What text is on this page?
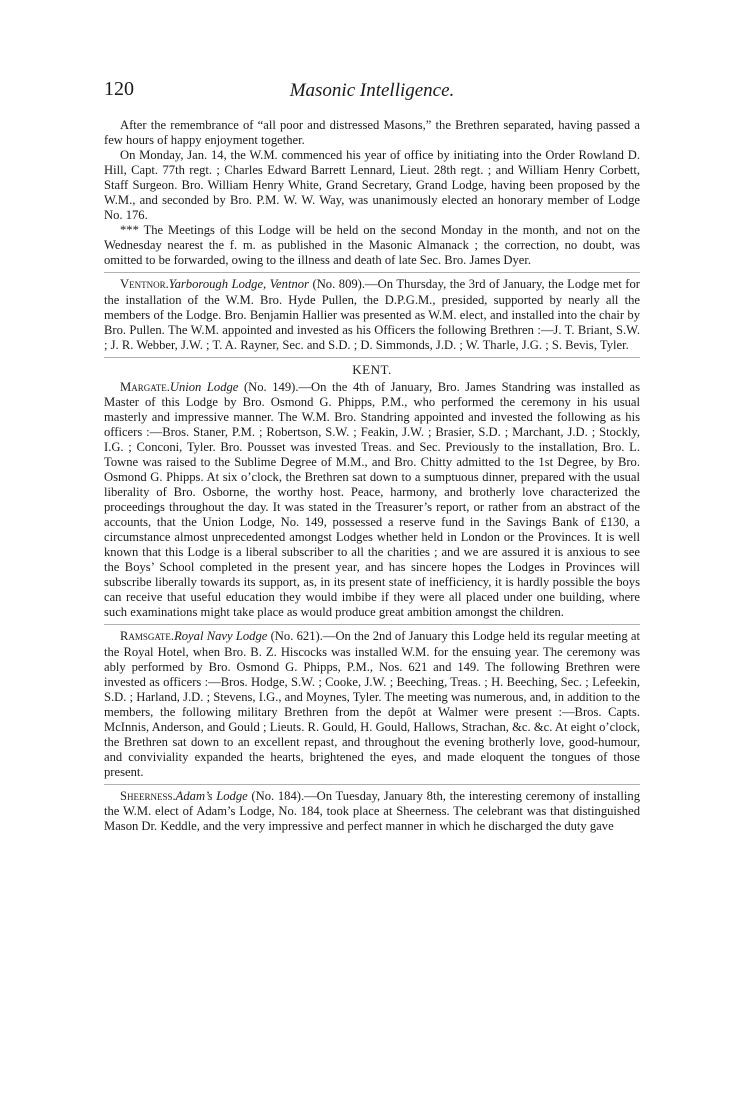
120	Masonic Intelligence.

After the remembrance of “all poor and distressed Masons,” the Brethren separated, having passed a few hours of happy enjoyment together.

On Monday, Jan. 14, the W.M. commenced his year of office by initiating into the Order Rowland D. Hill, Capt. 77th regt. ; Charles Edward Barrett Lennard, Lieut. 28th regt. ; and William Henry Corbett, Staff Surgeon. Bro. William Henry White, Grand Secretary, Grand Lodge, having been proposed by the W.M., and seconded by Bro. P.M. W. W. Way, was unanimously elected an honorary member of Lodge No. 176.

*** The Meetings of this Lodge will be held on the second Monday in the month, and not on the Wednesday nearest the f. m. as published in the Masonic Almanack ; the correction, no doubt, was omitted to be forwarded, owing to the illness and death of late Sec. Bro. James Dyer.

Ventnor.Yarborough Lodge, Ventnor (No. 809).—On Thursday, the 3rd of January, the Lodge met for the installation of the W.M. Bro. Hyde Pullen, the D.P.G.M., presided, supported by nearly all the members of the Lodge. Bro. Benjamin Hallier was presented as W.M. elect, and installed into the chair by Bro. Pullen. The W.M. appointed and invested as his Officers the following Brethren :—J. T. Briant, S.W. ; J. R. Webber, J.W. ; T. A. Rayner, Sec. and S.D. ; D. Simmonds, J.D. ; W. Tharle, J.G. ; S. Bevis, Tyler.

KENT.

Margate.Union Lodge (No. 149).—On the 4th of January, Bro. James Standring was installed as Master of this Lodge by Bro. Osmond G. Phipps, P.M., who performed the ceremony in his usual masterly and impressive manner. The W.M. Bro. Standring appointed and invested the following as his officers :—Bros. Staner, P.M. ; Robertson, S.W. ; Feakin, J.W. ; Brasier, S.D. ; Marchant, J.D. ; Stockly, I.G. ; Conconi, Tyler. Bro. Pousset was invested Treas. and Sec. Previously to the installation, Bro. L. Towne was raised to the Sublime Degree of M.M., and Bro. Chitty admitted to the 1st Degree, by Bro. Osmond G. Phipps. At six o’clock, the Brethren sat down to a sumptuous dinner, prepared with the usual liberality of Bro. Osborne, the worthy host. Peace, harmony, and brotherly love characterized the proceedings throughout the day. It was stated in the Treasurer’s report, or rather from an abstract of the accounts, that the Union Lodge, No. 149, possessed a reserve fund in the Savings Bank of £130, a circumstance almost unprecedented amongst Lodges whether held in London or the Provinces. It is well known that this Lodge is a liberal subscriber to all the charities ; and we are assured it is anxious to see the Boys’ School completed in the present year, and has sincere hopes the Lodges in Provinces will subscribe liberally towards its support, as, in its present state of inefficiency, it is hardly possible the boys can receive that useful education they would imbibe if they were all placed under one building, where such examinations might take place as would produce great ambition amongst the children.

Ramsgate.Royal Navy Lodge (No. 621).—On the 2nd of January this Lodge held its regular meeting at the Royal Hotel, when Bro. B. Z. Hiscocks was installed W.M. for the ensuing year. The ceremony was ably performed by Bro. Osmond G. Phipps, P.M., Nos. 621 and 149. The following Brethren were invested as officers :—Bros. Hodge, S.W. ; Cooke, J.W. ; Beeching, Treas. ; H. Beeching, Sec. ; Lefeekin, S.D. ; Harland, J.D. ; Stevens, I.G., and Moynes, Tyler. The meeting was numerous, and, in addition to the members, the following military Brethren from the depôt at Walmer were present :—Bros. Capts. McInnis, Anderson, and Gould ; Lieuts. R. Gould, H. Gould, Hallows, Strachan, &c. &c. At eight o’clock, the Brethren sat down to an excellent repast, and throughout the evening brotherly love, good-humour, and conviviality expanded the hearts, brightened the eyes, and made eloquent the tongues of those present.

Sheerness.Adam’s Lodge (No. 184).—On Tuesday, January 8th, the interesting ceremony of installing the W.M. elect of Adam’s Lodge, No. 184, took place at Sheerness. The celebrant was that distinguished Mason Dr. Keddle, and the very impressive and perfect manner in which he discharged the duty gave
